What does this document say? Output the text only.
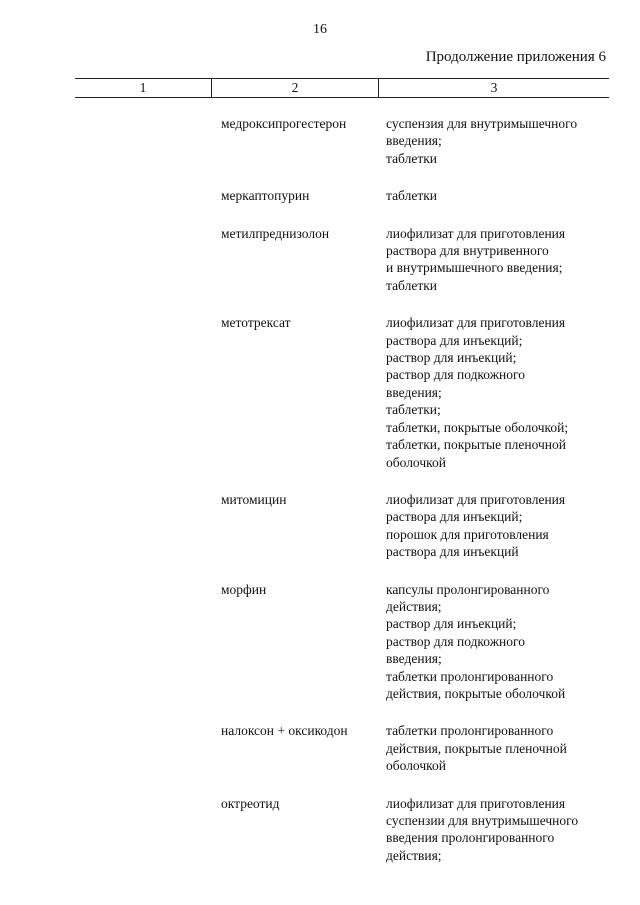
16
Продолжение приложения 6
1	2	3
медроксипрогестерон	суспензия для внутримышечного
введения;
таблетки
меркаптопурин	таблетки
метилпреднизолон	лиофилизат для приготовления
раствора для внутривенного
и внутримышечного введения;
таблетки
метотрексат	лиофилизат для приготовления
раствора для инъекций;
раствор для инъекций;
раствор для подкожного
введения;
таблетки;
таблетки, покрытые оболочкой;
таблетки, покрытые пленочной
оболочкой
митомицин	лиофилизат для приготовления
раствора для инъекций;
порошок для приготовления
раствора для инъекций
морфин	капсулы пролонгированного
действия;
раствор для инъекций;
раствор для подкожного
введения;
таблетки пролонгированного
действия, покрытые оболочкой
налоксон + оксикодон	таблетки пролонгированного
действия, покрытые пленочной
оболочкой
октреотид	лиофилизат для приготовления
суспензии для внутримышечного
введения пролонгированного
действия;
